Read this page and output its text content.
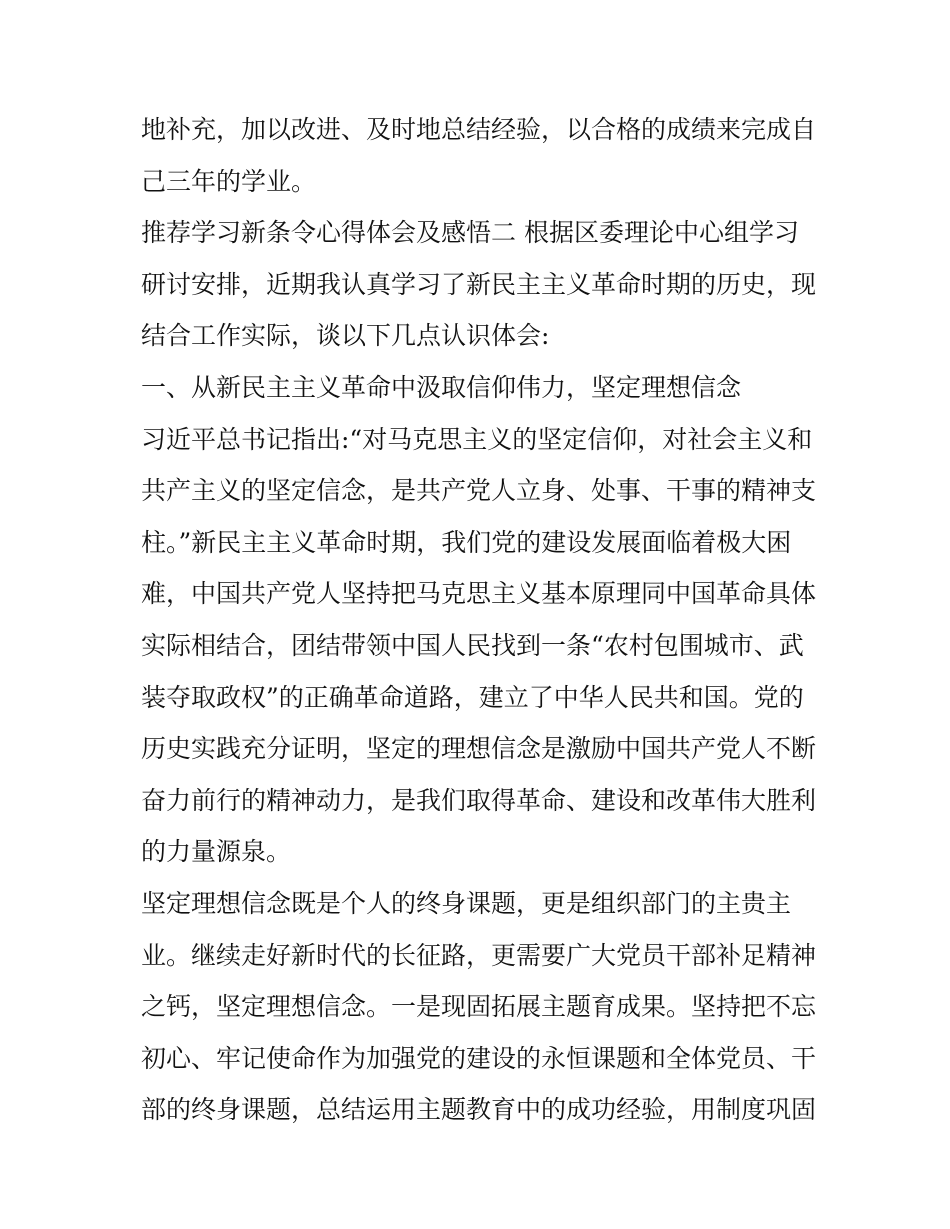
地补充，加以改进、及时地总结经验，以合格的成绩来完成自

己三年的学业。

推荐学习新条令心得体会及感悟二 根据区委理论中心组学习

研讨安排，近期我认真学习了新民主主义革命时期的历史，现

结合工作实际，谈以下几点认识体会:

一、从新民主主义革命中汲取信仰伟力，坚定理想信念

习近平总书记指出:“对马克思主义的坚定信仰，对社会主义和

共产主义的坚定信念，是共产党人立身、处事、干事的精神支

柱。”新民主主义革命时期，我们党的建设发展面临着极大困

难，中国共产党人坚持把马克思主义基本原理同中国革命具体

实际相结合，团结带领中国人民找到一条“农村包围城市、武

装夺取政权”的正确革命道路，建立了中华人民共和国。党的

历史实践充分证明，坚定的理想信念是激励中国共产党人不断

奋力前行的精神动力，是我们取得革命、建设和改革伟大胜利

的力量源泉。

坚定理想信念既是个人的终身课题，更是组织部门的主贵主

业。继续走好新时代的长征路，更需要广大党员干部补足精神

之钙，坚定理想信念。一是现固拓展主题育成果。坚持把不忘

初心、牢记使命作为加强党的建设的永恒课题和全体党员、干

部的终身课题，总结运用主题教育中的成功经验，用制度巩固
